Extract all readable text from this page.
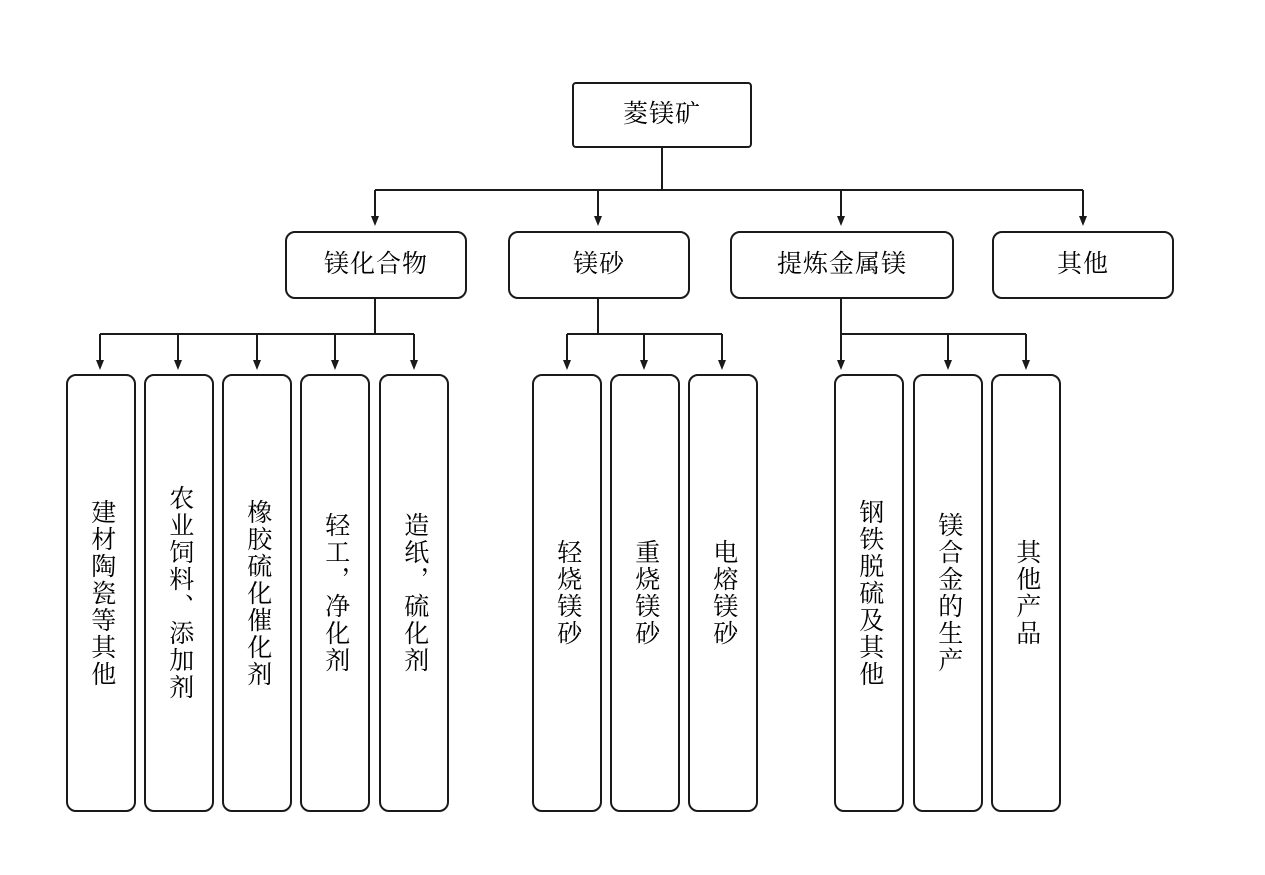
菱镁矿
镁化合物	镁砂	提炼金属镁	其他
建材陶瓷等其他 农业饲料、添加剂 橡胶硫化催化剂 轻工，净化剂 造纸，硫化剂	轻烧镁砂 重烧镁砂 电熔镁砂	钢铁脱硫及其他 镁合金的生产 其他产品
